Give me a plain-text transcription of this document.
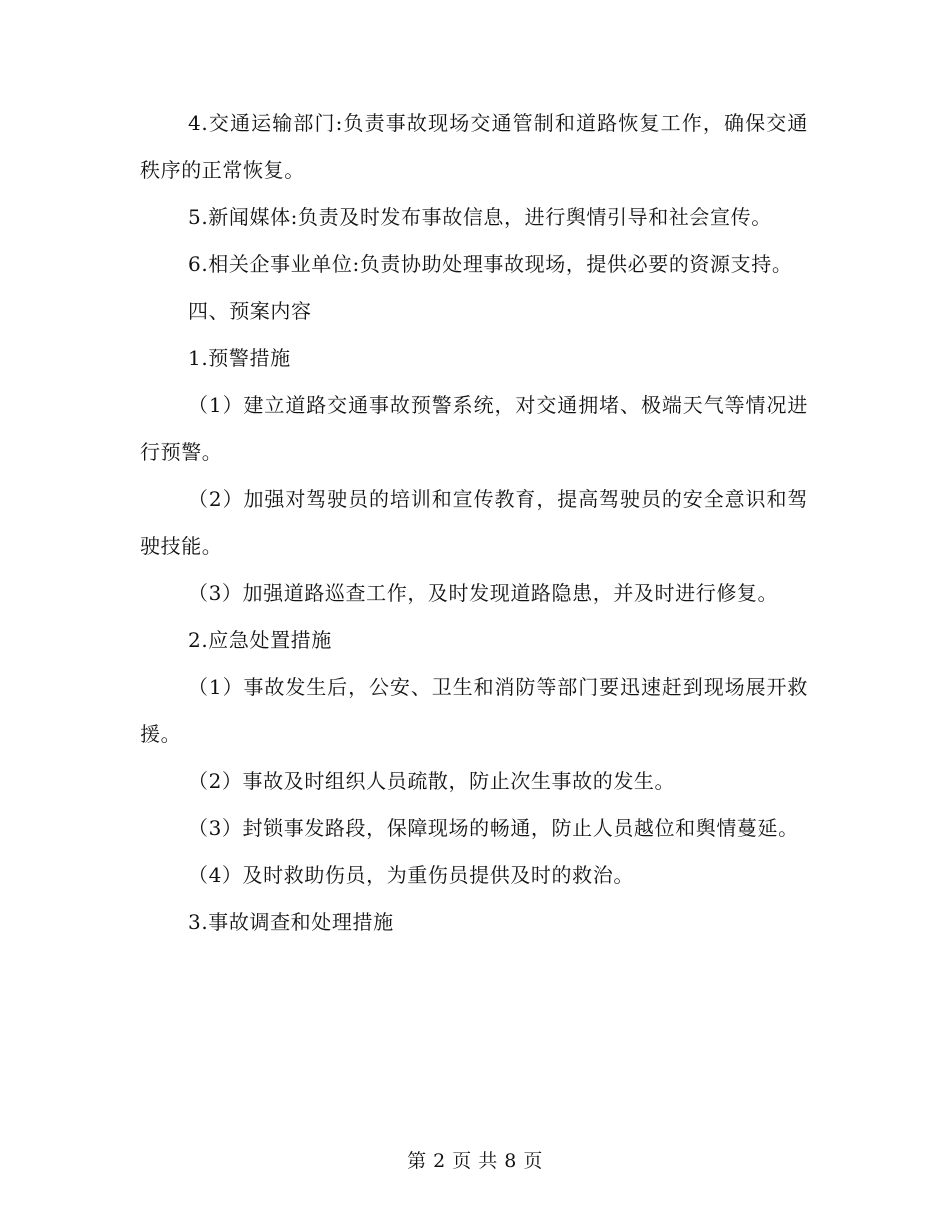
4.交通运输部门:负责事故现场交通管制和道路恢复工作，确保交通秩序的正常恢复。

5.新闻媒体:负责及时发布事故信息，进行舆情引导和社会宣传。

6.相关企事业单位:负责协助处理事故现场，提供必要的资源支持。

四、预案内容

1.预警措施

（1）建立道路交通事故预警系统，对交通拥堵、极端天气等情况进行预警。

（2）加强对驾驶员的培训和宣传教育，提高驾驶员的安全意识和驾驶技能。

（3）加强道路巡查工作，及时发现道路隐患，并及时进行修复。

2.应急处置措施

（1）事故发生后，公安、卫生和消防等部门要迅速赶到现场展开救援。

（2）事故及时组织人员疏散，防止次生事故的发生。

（3）封锁事发路段，保障现场的畅通，防止人员越位和舆情蔓延。

（4）及时救助伤员，为重伤员提供及时的救治。

3.事故调查和处理措施

第 2 页 共 8 页
